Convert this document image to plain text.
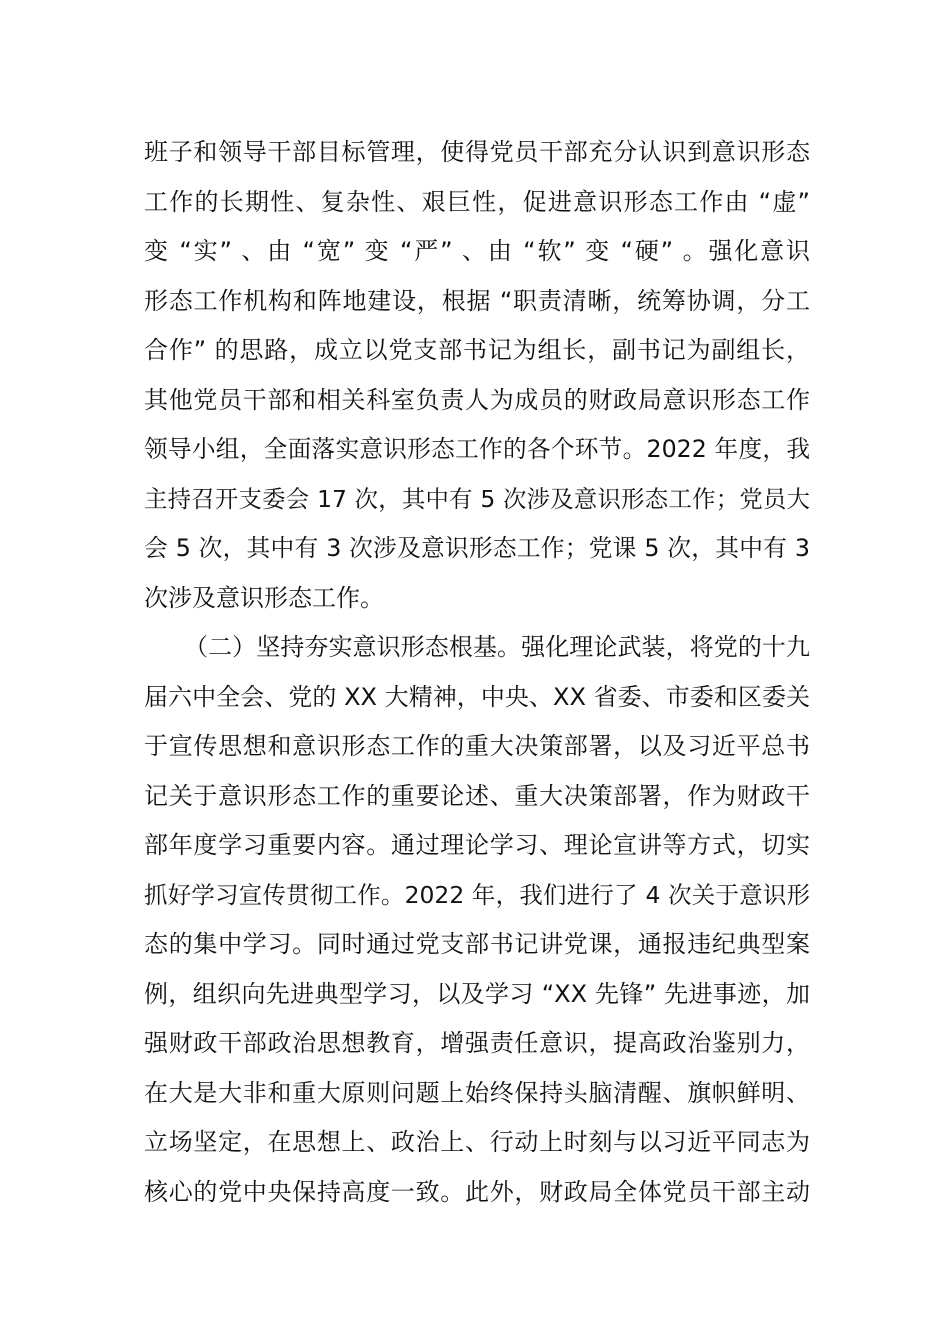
班子和领导干部目标管理，使得党员干部充分认识到意识形态
工作的长期性、复杂性、艰巨性，促进意识形态工作由 “虚”
变 “实” 、由 “宽” 变 “严” 、由 “软” 变 “硬” 。强化意识
形态工作机构和阵地建设，根据 “职责清晰，统筹协调，分工
合作” 的思路，成立以党支部书记为组长，副书记为副组长，
其他党员干部和相关科室负责人为成员的财政局意识形态工作
领导小组，全面落实意识形态工作的各个环节。2022 年度，我
主持召开支委会 17 次，其中有 5 次涉及意识形态工作；党员大
会 5 次，其中有 3 次涉及意识形态工作；党课 5 次，其中有 3
次涉及意识形态工作。
（二）坚持夯实意识形态根基。强化理论武装，将党的十九
届六中全会、党的 XX 大精神，中央、XX 省委、市委和区委关
于宣传思想和意识形态工作的重大决策部署，以及习近平总书
记关于意识形态工作的重要论述、重大决策部署，作为财政干
部年度学习重要内容。通过理论学习、理论宣讲等方式，切实
抓好学习宣传贯彻工作。2022 年，我们进行了 4 次关于意识形
态的集中学习。同时通过党支部书记讲党课，通报违纪典型案
例，组织向先进典型学习，以及学习 “XX 先锋” 先进事迹，加
强财政干部政治思想教育，增强责任意识，提高政治鉴别力，
在大是大非和重大原则问题上始终保持头脑清醒、旗帜鲜明、
立场坚定，在思想上、政治上、行动上时刻与以习近平同志为
核心的党中央保持高度一致。此外，财政局全体党员干部主动
